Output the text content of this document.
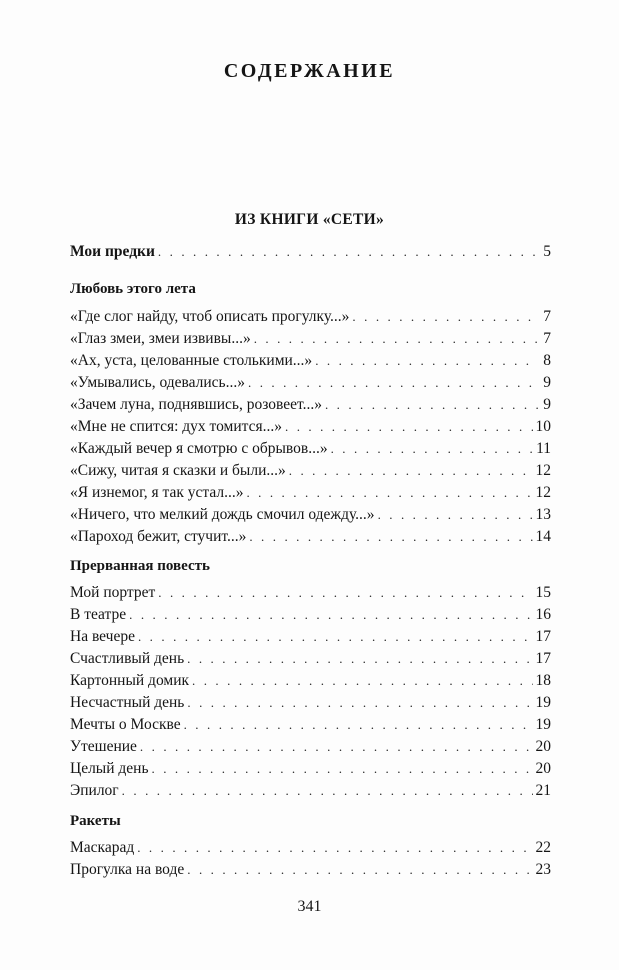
СОДЕРЖАНИЕ
ИЗ КНИГИ «СЕТИ»
Мои предки . . .	5
Любовь этого лета
«Где слог найду, чтоб описать прогулку...» . . .	7
«Глаз змеи, змеи извивы...» . . .	7
«Ах, уста, целованные столькими...» . . .	8
«Умывались, одевались...» . . .	9
«Зачем луна, поднявшись, розовеет...» . . .	9
«Мне не спится: дух томится...» . . .	10
«Каждый вечер я смотрю с обрывов...» . . .	11
«Сижу, читая я сказки и были...» . . .	12
«Я изнемог, я так устал...» . . .	12
«Ничего, что мелкий дождь смочил одежду...» . . .	13
«Пароход бежит, стучит...» . . .	14
Прерванная повесть
Мой портрет . . .	15
В театре . . .	16
На вечере . . .	17
Счастливый день . . .	17
Картонный домик . . .	18
Несчастный день . . .	19
Мечты о Москве . . .	19
Утешение . . .	20
Целый день . . .	20
Эпилог . . .	21
Ракеты
Маскарад . . .	22
Прогулка на воде . . .	23
341
